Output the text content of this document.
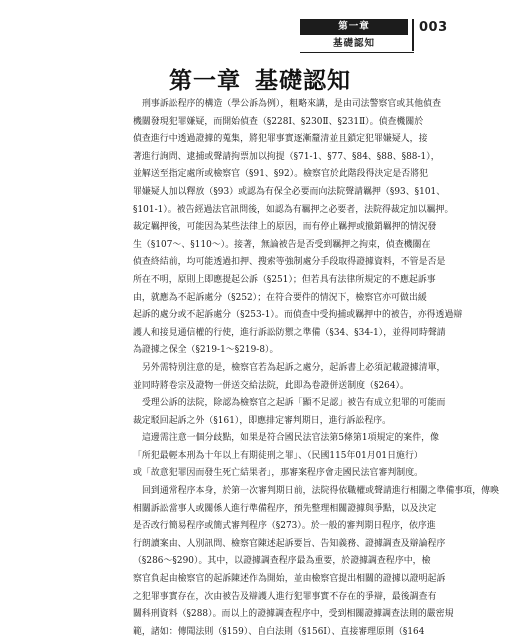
第一章
基礎認知
003
第一章 基礎認知
刑事訴訟程序的構造（學公訴為例），粗略來講，是由司法警察官或其他偵查
機關發現犯罪嫌疑，而開始偵查（§228Ⅰ、§230Ⅱ、§231Ⅱ）。偵查機關於
偵查進行中透過證據的蒐集，將犯罪事實逐漸釐清並且鎖定犯罪嫌疑人，接
著進行詢問、逮捕或聲請拘票加以拘提（§71-1、§77、§84、§88、§88-1），
並解送至指定處所或檢察官（§91、§92）。檢察官於此階段得決定是否將犯
罪嫌疑人加以釋放（§93）或認為有保全必要而向法院聲請羈押（§93、§101、
§101-1）。被告經過法官訊問後，如認為有羈押之必要者，法院得裁定加以羈押。
裁定羈押後，可能因為某些法律上的原因，而有停止羈押或撤銷羈押的情況發
生（§107～、§110～）。接著，無論被告是否受到羈押之拘束，偵查機關在
偵查終結前，均可能透過扣押、搜索等強制處分手段取得證據資料，不管是否是
所在不明，原則上即應提起公訴（§251）；但若具有法律所規定的不應起訴事
由，就應為不起訴處分（§252）；在符合要件的情況下，檢察官亦可做出緩
起訴的處分或不起訴處分（§253-1）。而偵查中受拘捕或羈押中的被告，亦得透過辯
護人和接見通信權的行使，進行訴訟防禦之準備（§34、§34-1），並得同時聲請
為證據之保全（§219-1～§219-8）。
另外需特別注意的是，檢察官若為起訴之處分，起訴書上必須記載證據清單，
並同時將卷宗及證物一併送交給法院，此即為卷證併送制度（§264）。
受理公訴的法院，除認為檢察官之起訴「顯不足認」被告有成立犯罪的可能而
裁定駁回起訴之外（§161），即應排定審判期日，進行訴訟程序。
這邊需注意一個分歧點，如果是符合國民法官法第5條第1項規定的案件，像
「所犯最輕本刑為十年以上有期徒刑之罪」、（民國115年01月01日施行）
或「故意犯罪因而發生死亡結果者」，那審案程序會走國民法官審判制度。
回到通常程序本身，於第一次審判期日前，法院得依職權或聲請進行相關之準備事項，傳喚
相關訴訟當事人或關係人進行準備程序，預先整理相關證據與爭點，以及決定
是否改行簡易程序或簡式審判程序（§273）。於一般的審判期日程序，依序進
行朗讀案由、人別訊問、檢察官陳述起訴要旨、告知義務、證據調查及辯論程序
（§286～§290）。其中，以證據調查程序最為重要，於證據調查程序中，檢
察官負起由檢察官的起訴陳述作為開始，並由檢察官提出相關的證據以證明起訴
之犯罪事實存在，次由被告及辯護人進行犯罪事實不存在的爭辯，最後調查有
關科刑資料（§288）。而以上的證據調查程序中，受到相關證據調查法則的嚴密規
範，諸如：傳聞法則（§159）、自白法則（§156Ⅰ）、直接審理原則（§164
